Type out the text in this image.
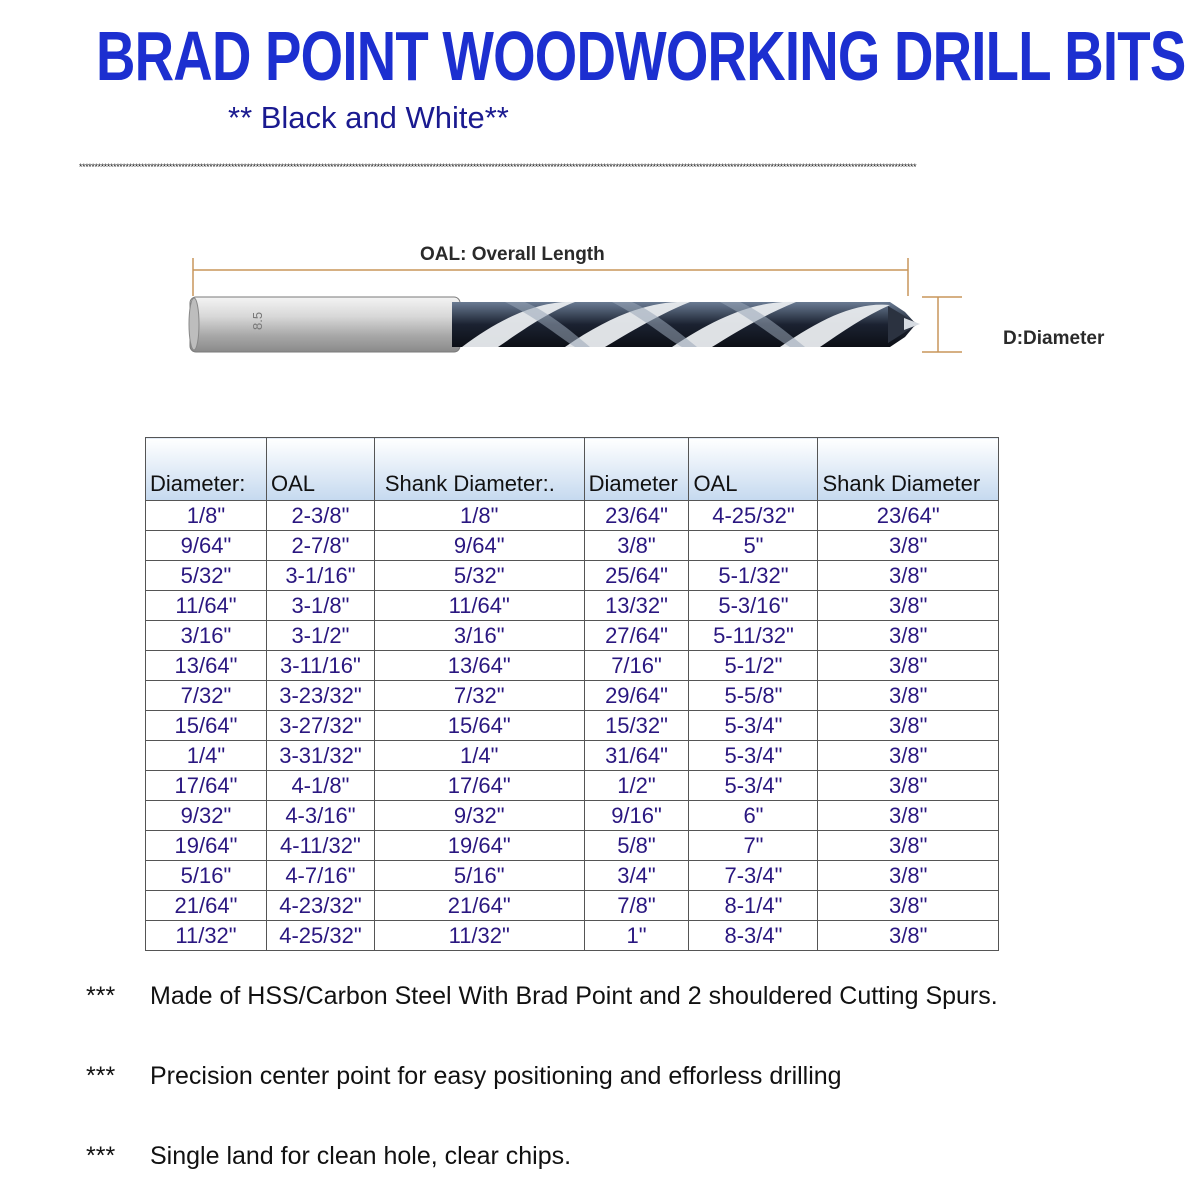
BRAD POINT WOODWORKING DRILL BITS
** Black and White**
******************************************************************************************************************************************************************************************************************************************************************************
8.5
OAL: Overall Length
D:Diameter
Diameter:	OAL	Shank Diameter:.	Diameter	OAL	Shank Diameter
1/8"	2-3/8"	1/8"	23/64"	4-25/32"	23/64"
9/64"	2-7/8"	9/64"	3/8"	5"	3/8"
5/32"	3-1/16"	5/32"	25/64"	5-1/32"	3/8"
11/64"	3-1/8"	11/64"	13/32"	5-3/16"	3/8"
3/16"	3-1/2"	3/16"	27/64"	5-11/32"	3/8"
13/64"	3-11/16"	13/64"	7/16"	5-1/2"	3/8"
7/32"	3-23/32"	7/32"	29/64"	5-5/8"	3/8"
15/64"	3-27/32"	15/64"	15/32"	5-3/4"	3/8"
1/4"	3-31/32"	1/4"	31/64"	5-3/4"	3/8"
17/64"	4-1/8"	17/64"	1/2"	5-3/4"	3/8"
9/32"	4-3/16"	9/32"	9/16"	6"	3/8"
19/64"	4-11/32"	19/64"	5/8"	7"	3/8"
5/16"	4-7/16"	5/16"	3/4"	7-3/4"	3/8"
21/64"	4-23/32"	21/64"	7/8"	8-1/4"	3/8"
11/32"	4-25/32"	11/32"	1"	8-3/4"	3/8"
*** Made of HSS/Carbon Steel With Brad Point and 2 shouldered Cutting Spurs.
*** Precision center point for easy positioning and efforless drilling
*** Single land for clean hole, clear chips.
